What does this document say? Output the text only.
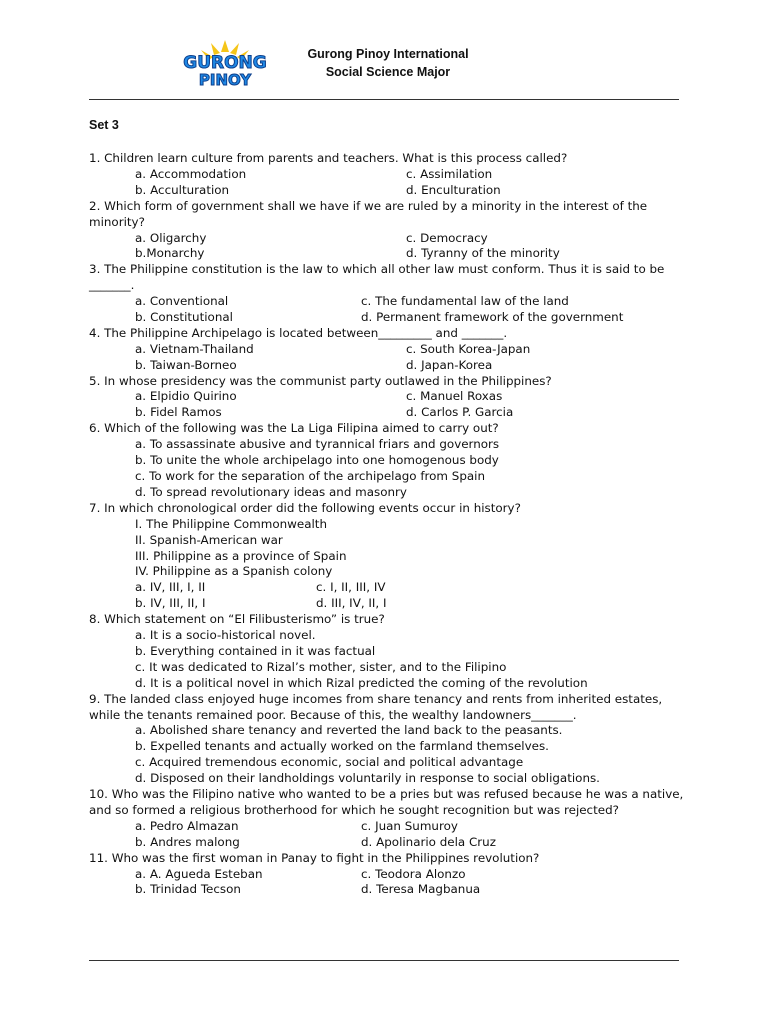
GURONG
PINOY
Gurong Pinoy International
Social Science Major
Set 3
1. Children learn culture from parents and teachers. What is this process called?
a. Accommodation	c. Assimilation
b. Acculturation	d. Enculturation
2. Which form of government shall we have if we are ruled by a minority in the interest of the minority?
a. Oligarchy	c. Democracy
b.Monarchy	d. Tyranny of the minority
3. The Philippine constitution is the law to which all other law must conform. Thus it is said to be _______.
a. Conventional	c. The fundamental law of the land
b. Constitutional	d. Permanent framework of the government
4. The Philippine Archipelago is located between_________ and _______.
a. Vietnam-Thailand	c. South Korea-Japan
b. Taiwan-Borneo	d. Japan-Korea
5. In whose presidency was the communist party outlawed in the Philippines?
a. Elpidio Quirino	c. Manuel Roxas
b. Fidel Ramos	d. Carlos P. Garcia
6. Which of the following was the La Liga Filipina aimed to carry out?
a. To assassinate abusive and tyrannical friars and governors
b. To unite the whole archipelago into one homogenous body
c. To work for the separation of the archipelago from Spain
d. To spread revolutionary ideas and masonry
7. In which chronological order did the following events occur in history?
I. The Philippine Commonwealth
II. Spanish-American war
III. Philippine as a province of Spain
IV. Philippine as a Spanish colony
a. IV, III, I, II	c. I, II, III, IV
b. IV, III, II, I	d. III, IV, II, I
8. Which statement on “El Filibusterismo” is true?
a. It is a socio-historical novel.
b. Everything contained in it was factual
c. It was dedicated to Rizal’s mother, sister, and to the Filipino
d. It is a political novel in which Rizal predicted the coming of the revolution
9. The landed class enjoyed huge incomes from share tenancy and rents from inherited estates, while the tenants remained poor. Because of this, the wealthy landowners_______.
a. Abolished share tenancy and reverted the land back to the peasants.
b. Expelled tenants and actually worked on the farmland themselves.
c. Acquired tremendous economic, social and political advantage
d. Disposed on their landholdings voluntarily in response to social obligations.
10. Who was the Filipino native who wanted to be a pries but was refused because he was a native, and so formed a religious brotherhood for which he sought recognition but was rejected?
a. Pedro Almazan	c. Juan Sumuroy
b. Andres malong	d. Apolinario dela Cruz
11. Who was the first woman in Panay to fight in the Philippines revolution?
a. A. Agueda Esteban	c. Teodora Alonzo
b. Trinidad Tecson	d. Teresa Magbanua
